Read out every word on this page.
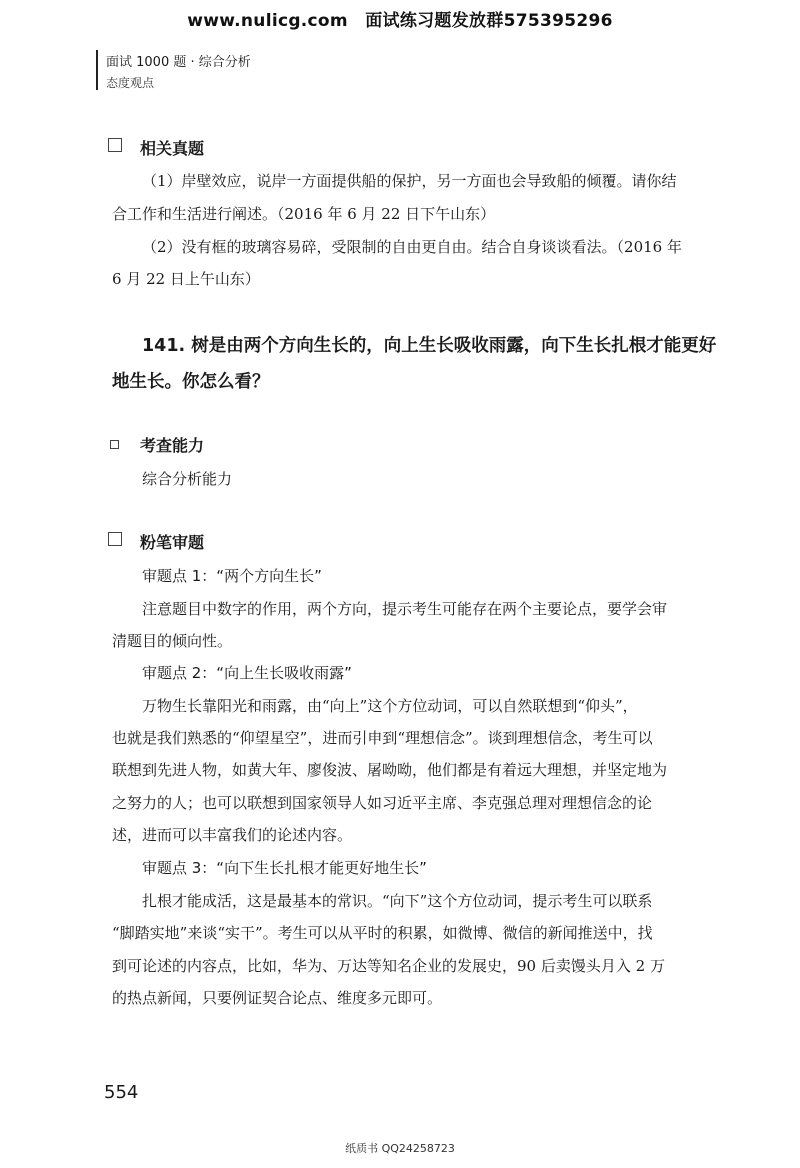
www.nulicg.com　面试练习题发放群575395296
面试 1000 题 · 综合分析
态度观点
相关真题
（1）岸壁效应，说岸一方面提供船的保护，另一方面也会导致船的倾覆。请你结
合工作和生活进行阐述。（2016 年 6 月 22 日下午山东）
（2）没有框的玻璃容易碎，受限制的自由更自由。结合自身谈谈看法。（2016 年
6 月 22 日上午山东）
141. 树是由两个方向生长的，向上生长吸收雨露，向下生长扎根才能更好
地生长。你怎么看？
考查能力
综合分析能力
粉笔审题
审题点 1：“两个方向生长”
注意题目中数字的作用，两个方向，提示考生可能存在两个主要论点，要学会审
清题目的倾向性。
审题点 2：“向上生长吸收雨露”
万物生长靠阳光和雨露，由“向上”这个方位动词，可以自然联想到“仰头”，
也就是我们熟悉的“仰望星空”，进而引申到“理想信念”。谈到理想信念，考生可以
联想到先进人物，如黄大年、廖俊波、屠呦呦，他们都是有着远大理想，并坚定地为
之努力的人；也可以联想到国家领导人如习近平主席、李克强总理对理想信念的论
述，进而可以丰富我们的论述内容。
审题点 3：“向下生长扎根才能更好地生长”
扎根才能成活，这是最基本的常识。“向下”这个方位动词，提示考生可以联系
“脚踏实地”来谈“实干”。考生可以从平时的积累，如微博、微信的新闻推送中，找
到可论述的内容点，比如，华为、万达等知名企业的发展史，90 后卖馒头月入 2 万
的热点新闻，只要例证契合论点、维度多元即可。
554
纸质书 QQ24258723
